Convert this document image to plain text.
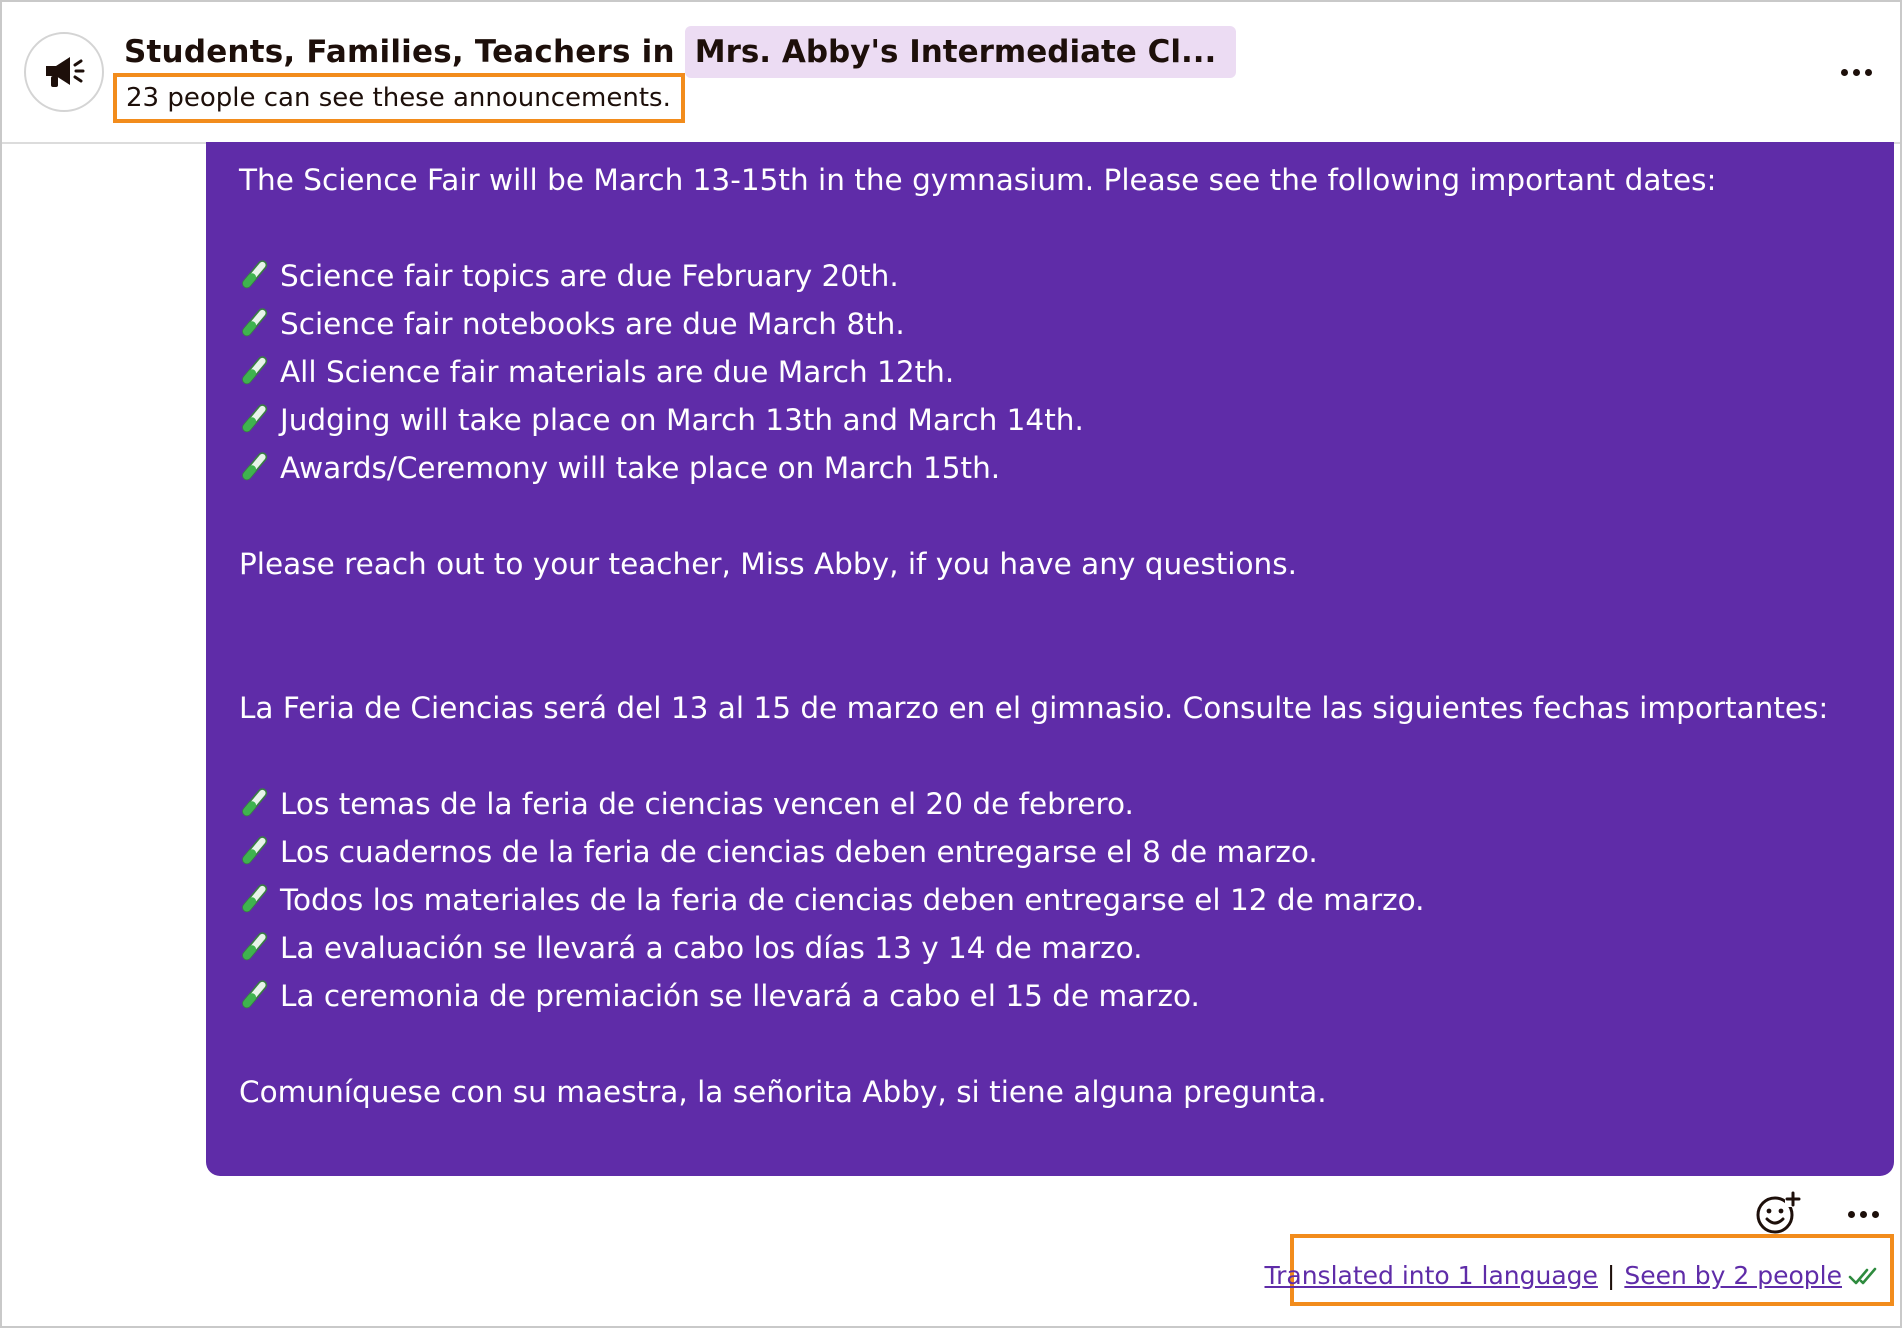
Students, Families, Teachers in Mrs. Abby's Intermediate Cl...
23 people can see these announcements.
The Science Fair will be March 13-15th in the gymnasium. Please see the following important dates:
Science fair topics are due February 20th.
Science fair notebooks are due March 8th.
All Science fair materials are due March 12th.
Judging will take place on March 13th and March 14th.
Awards/Ceremony will take place on March 15th.
Please reach out to your teacher, Miss Abby, if you have any questions.
La Feria de Ciencias será del 13 al 15 de marzo en el gimnasio. Consulte las siguientes fechas importantes:
Los temas de la feria de ciencias vencen el 20 de febrero.
Los cuadernos de la feria de ciencias deben entregarse el 8 de marzo.
Todos los materiales de la feria de ciencias deben entregarse el 12 de marzo.
La evaluación se llevará a cabo los días 13 y 14 de marzo.
La ceremonia de premiación se llevará a cabo el 15 de marzo.
Comuníquese con su maestra, la señorita Abby, si tiene alguna pregunta.
Translated into 1 language | Seen by 2 people
